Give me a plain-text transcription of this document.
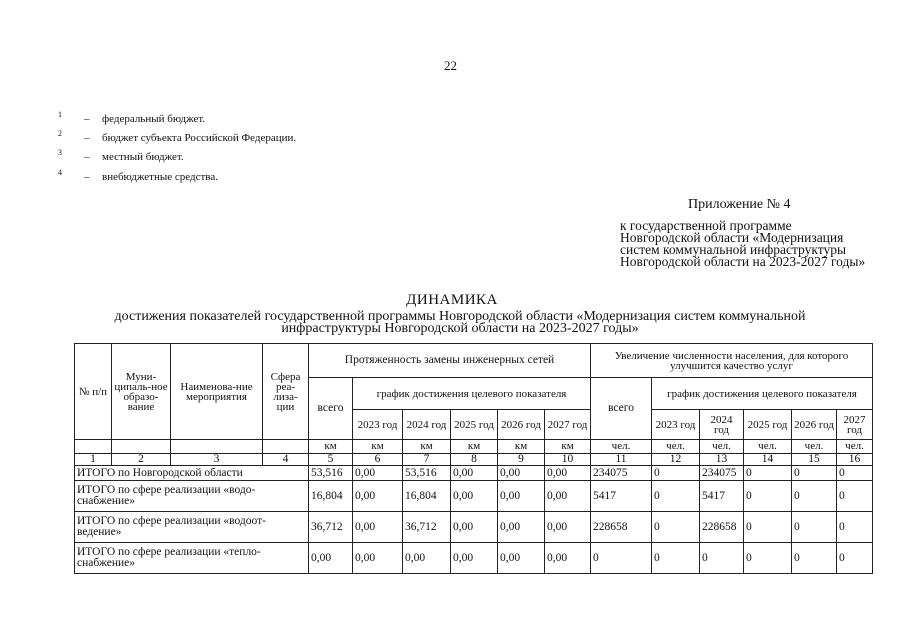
22
1 – федеральный бюджет.
2 – бюджет субъекта Российской Федерации.
3 – местный бюджет.
4 – внебюджетные средства.
Приложение № 4
к государственной программе Новгородской области «Модернизация систем коммунальной инфраструктуры Новгородской области на 2023-2027 годы»
ДИНАМИКА
достижения показателей государственной программы Новгородской области «Модернизация систем коммунальной инфраструктуры Новгородской области на 2023-2027 годы»
№ п/п	Муни-ципаль-ное образо-вание	Наименова-ние мероприятия	Сфера реа-лиза-ции	Протяженность замены инженерных сетей						Увеличение численности населения, для которого улучшится качество услуг					
				всего	график достижения целевого показателя					всего	график достижения целевого показателя				
					2023 год	2024 год	2025 год	2026 год	2027 год		2023 год	2024 год	2025 год	2026 год	2027 год
				км	км	км	км	км	км	чел.	чел.	чел.	чел.	чел.	чел.
1	2	3	4	5	6	7	8	9	10	11	12	13	14	15	16
ИТОГО по Новгородской области				53,516	0,00	53,516	0,00	0,00	0,00	234075	0	234075	0	0	0
ИТОГО по сфере реализации «водо-снабжение»				16,804	0,00	16,804	0,00	0,00	0,00	5417	0	5417	0	0	0
ИТОГО по сфере реализации «водоот-ведение»				36,712	0,00	36,712	0,00	0,00	0,00	228658	0	228658	0	0	0
ИТОГО по сфере реализации «тепло-снабжение»				0,00	0,00	0,00	0,00	0,00	0,00	0	0	0	0	0	0
